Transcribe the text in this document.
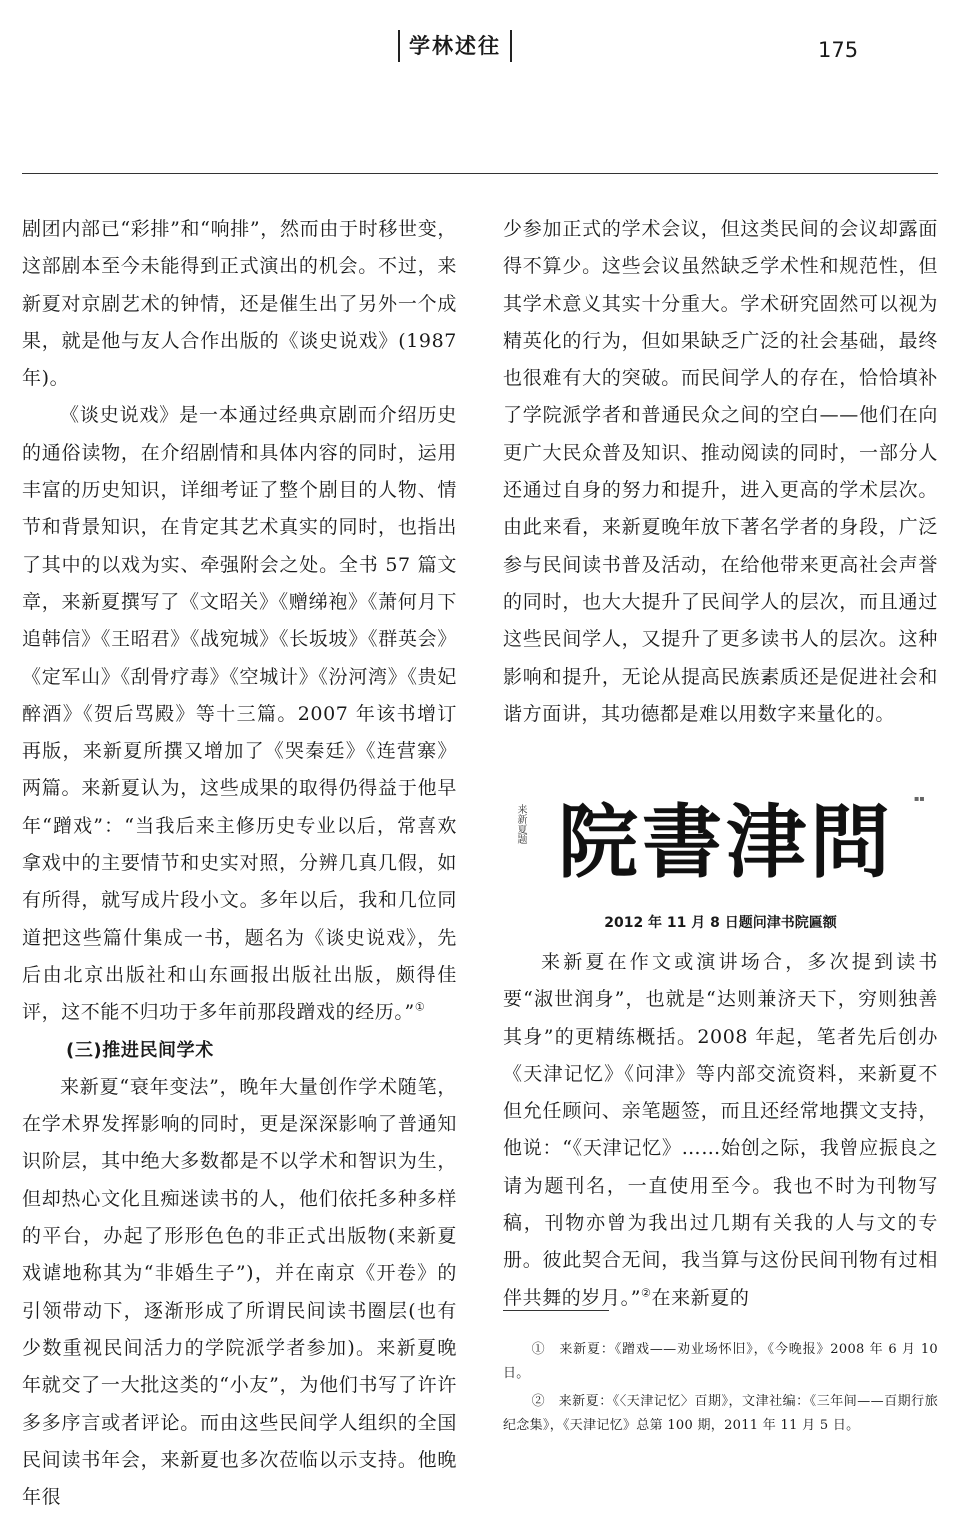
学林述往	175

剧团内部已“彩排”和“响排”，然而由于时移世变，这部剧本至今未能得到正式演出的机会。不过，来新夏对京剧艺术的钟情，还是催生出了另外一个成果，就是他与友人合作出版的《谈史说戏》(1987 年)。

《谈史说戏》是一本通过经典京剧而介绍历史的通俗读物，在介绍剧情和具体内容的同时，运用丰富的历史知识，详细考证了整个剧目的人物、情节和背景知识，在肯定其艺术真实的同时，也指出了其中的以戏为实、牵强附会之处。全书 57 篇文章，来新夏撰写了《文昭关》《赠绨袍》《萧何月下追韩信》《王昭君》《战宛城》《长坂坡》《群英会》《定军山》《刮骨疗毒》《空城计》《汾河湾》《贵妃醉酒》《贺后骂殿》等十三篇。2007 年该书增订再版，来新夏所撰又增加了《哭秦廷》《连营寨》两篇。来新夏认为，这些成果的取得仍得益于他早年“蹭戏”：“当我后来主修历史专业以后，常喜欢拿戏中的主要情节和史实对照，分辨几真几假，如有所得，就写成片段小文。多年以后，我和几位同道把这些篇什集成一书，题名为《谈史说戏》，先后由北京出版社和山东画报出版社出版，颇得佳评，这不能不归功于多年前那段蹭戏的经历。”①

(三)推进民间学术

来新夏“衰年变法”，晚年大量创作学术随笔，在学术界发挥影响的同时，更是深深影响了普通知识阶层，其中绝大多数都是不以学术和智识为生，但却热心文化且痴迷读书的人，他们依托多种多样的平台，办起了形形色色的非正式出版物(来新夏戏谑地称其为“非婚生子”)，并在南京《开卷》的引领带动下，逐渐形成了所谓民间读书圈层(也有少数重视民间活力的学院派学者参加)。来新夏晚年就交了一大批这类的“小友”，为他们书写了许许多多序言或者评论。而由这些民间学人组织的全国民间读书年会，来新夏也多次莅临以示支持。他晚年很

少参加正式的学术会议，但这类民间的会议却露面得不算少。这些会议虽然缺乏学术性和规范性，但其学术意义其实十分重大。学术研究固然可以视为精英化的行为，但如果缺乏广泛的社会基础，最终也很难有大的突破。而民间学人的存在，恰恰填补了学院派学者和普通民众之间的空白——他们在向更广大民众普及知识、推动阅读的同时，一部分人还通过自身的努力和提升，进入更高的学术层次。由此来看，来新夏晚年放下著名学者的身段，广泛参与民间读书普及活动，在给他带来更高社会声誉的同时，也大大提升了民间学人的层次，而且通过这些民间学人，又提升了更多读书人的层次。这种影响和提升，无论从提高民族素质还是促进社会和谐方面讲，其功德都是难以用数字来量化的。

来新夏题 院書津問	▪▪
2012 年 11 月 8 日题问津书院匾额

来新夏在作文或演讲场合，多次提到读书要“淑世润身”，也就是“达则兼济天下，穷则独善其身”的更精练概括。2008 年起，笔者先后创办《天津记忆》《问津》等内部交流资料，来新夏不但允任顾问、亲笔题签，而且还经常地撰文支持，他说：“《天津记忆》……始创之际，我曾应振良之请为题刊名，一直使用至今。我也不时为刊物写稿，刊物亦曾为我出过几期有关我的人与文的专册。彼此契合无间，我当算与这份民间刊物有过相伴共舞的岁月。”②在来新夏的

①　来新夏：《蹭戏——劝业场怀旧》，《今晚报》2008 年 6 月 10 日。

②　来新夏：《〈天津记忆〉百期》，文津社编：《三年间——百期行旅纪念集》，《天津记忆》总第 100 期，2011 年 11 月 5 日。
